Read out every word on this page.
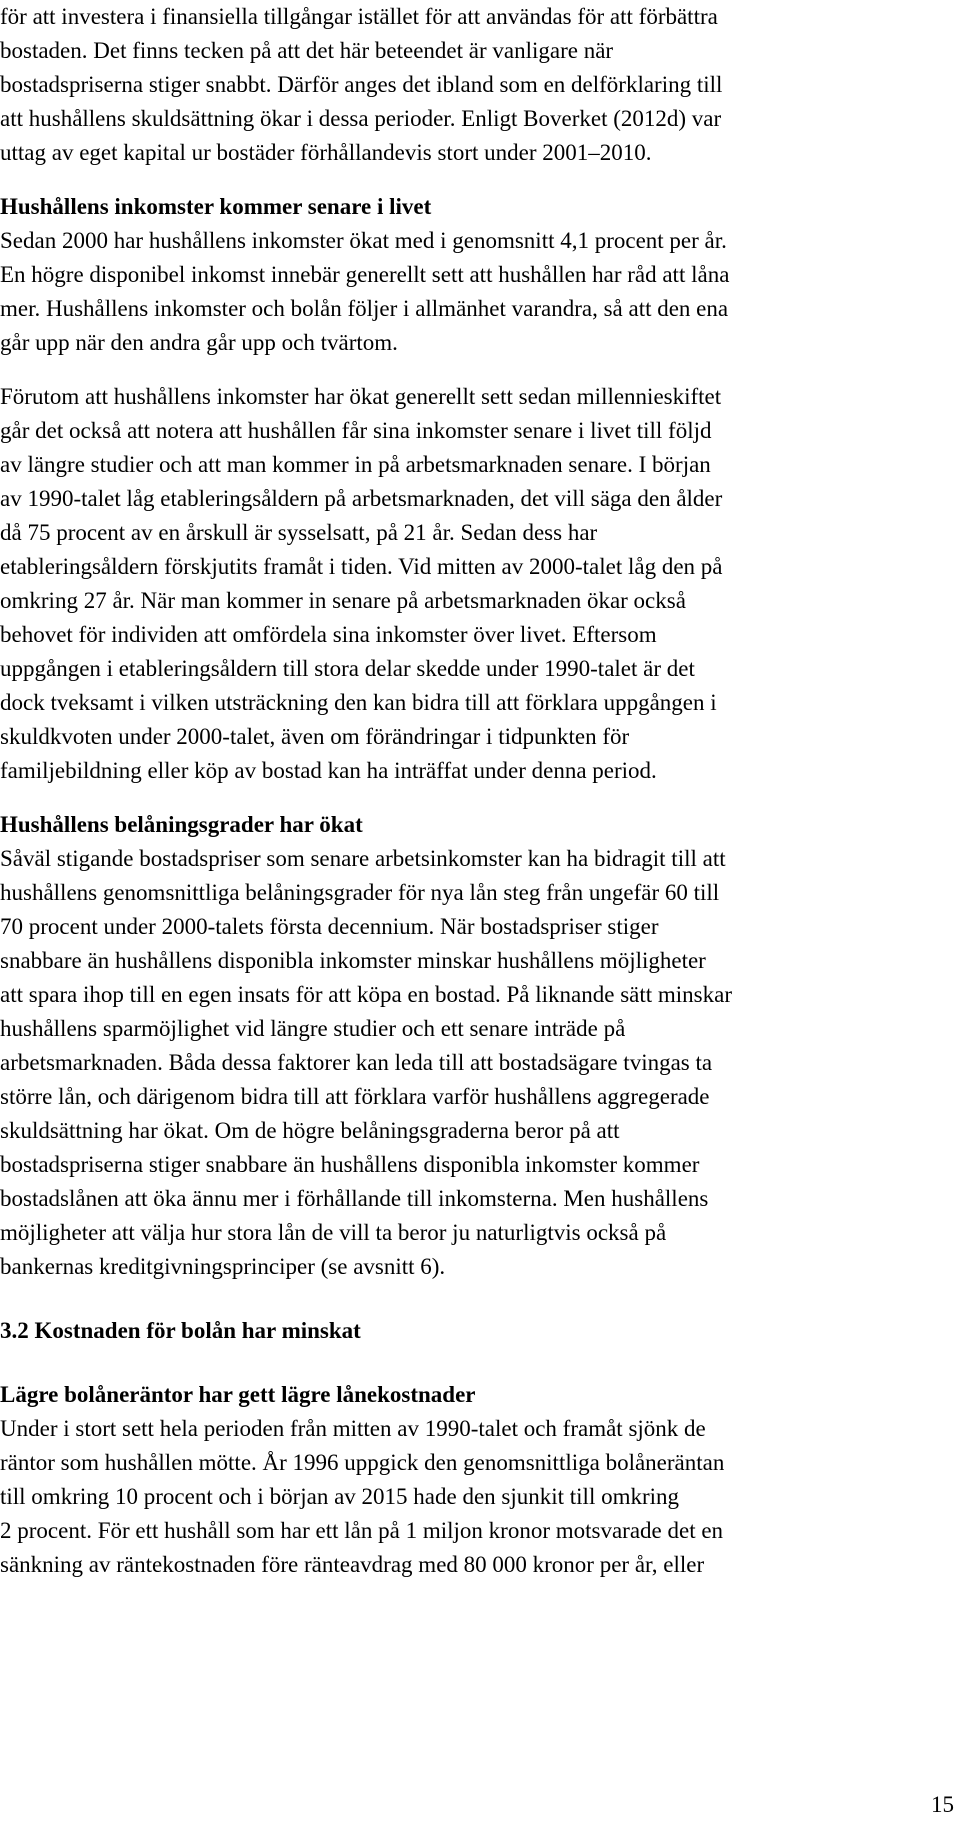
för att investera i finansiella tillgångar istället för att användas för att förbättra
bostaden. Det finns tecken på att det här beteendet är vanligare när
bostadspriserna stiger snabbt. Därför anges det ibland som en delförklaring till
att hushållens skuldsättning ökar i dessa perioder. Enligt Boverket (2012d) var
uttag av eget kapital ur bostäder förhållandevis stort under 2001–2010.
Hushållens inkomster kommer senare i livet
Sedan 2000 har hushållens inkomster ökat med i genomsnitt 4,1 procent per år.
En högre disponibel inkomst innebär generellt sett att hushållen har råd att låna
mer. Hushållens inkomster och bolån följer i allmänhet varandra, så att den ena
går upp när den andra går upp och tvärtom.
Förutom att hushållens inkomster har ökat generellt sett sedan millennieskiftet
går det också att notera att hushållen får sina inkomster senare i livet till följd
av längre studier och att man kommer in på arbetsmarknaden senare. I början
av 1990-talet låg etableringsåldern på arbetsmarknaden, det vill säga den ålder
då 75 procent av en årskull är sysselsatt, på 21 år. Sedan dess har
etableringsåldern förskjutits framåt i tiden. Vid mitten av 2000-talet låg den på
omkring 27 år. När man kommer in senare på arbetsmarknaden ökar också
behovet för individen att omfördela sina inkomster över livet. Eftersom
uppgången i etableringsåldern till stora delar skedde under 1990-talet är det
dock tveksamt i vilken utsträckning den kan bidra till att förklara uppgången i
skuldkvoten under 2000-talet, även om förändringar i tidpunkten för
familjebildning eller köp av bostad kan ha inträffat under denna period.
Hushållens belåningsgrader har ökat
Såväl stigande bostadspriser som senare arbetsinkomster kan ha bidragit till att
hushållens genomsnittliga belåningsgrader för nya lån steg från ungefär 60 till
70 procent under 2000-talets första decennium. När bostadspriser stiger
snabbare än hushållens disponibla inkomster minskar hushållens möjligheter
att spara ihop till en egen insats för att köpa en bostad. På liknande sätt minskar
hushållens sparmöjlighet vid längre studier och ett senare inträde på
arbetsmarknaden. Båda dessa faktorer kan leda till att bostadsägare tvingas ta
större lån, och därigenom bidra till att förklara varför hushållens aggregerade
skuldsättning har ökat. Om de högre belåningsgraderna beror på att
bostadspriserna stiger snabbare än hushållens disponibla inkomster kommer
bostadslånen att öka ännu mer i förhållande till inkomsterna. Men hushållens
möjligheter att välja hur stora lån de vill ta beror ju naturligtvis också på
bankernas kreditgivningsprinciper (se avsnitt 6).
3.2 Kostnaden för bolån har minskat
Lägre bolåneräntor har gett lägre lånekostnader
Under i stort sett hela perioden från mitten av 1990-talet och framåt sjönk de
räntor som hushållen mötte. År 1996 uppgick den genomsnittliga bolåneräntan
till omkring 10 procent och i början av 2015 hade den sjunkit till omkring
2 procent. För ett hushåll som har ett lån på 1 miljon kronor motsvarade det en
sänkning av räntekostnaden före ränteavdrag med 80 000 kronor per år, eller
15
